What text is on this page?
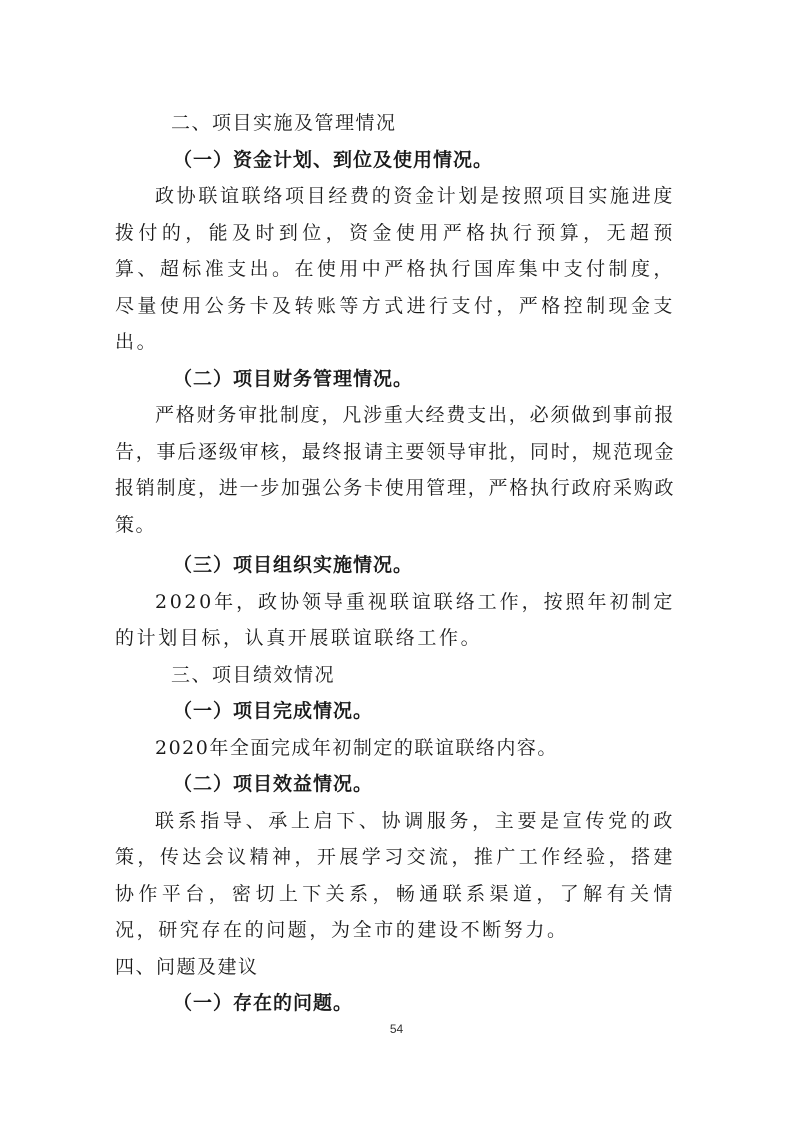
二、项目实施及管理情况
（一）资金计划、到位及使用情况。
政协联谊联络项目经费的资金计划是按照项目实施进度拨付的，能及时到位，资金使用严格执行预算，无超预算、超标准支出。在使用中严格执行国库集中支付制度，尽量使用公务卡及转账等方式进行支付，严格控制现金支出。
（二）项目财务管理情况。
严格财务审批制度，凡涉重大经费支出，必须做到事前报告，事后逐级审核，最终报请主要领导审批，同时，规范现金报销制度，进一步加强公务卡使用管理，严格执行政府采购政策。
（三）项目组织实施情况。
2020年，政协领导重视联谊联络工作，按照年初制定的计划目标，认真开展联谊联络工作。
三、项目绩效情况
（一）项目完成情况。
2020年全面完成年初制定的联谊联络内容。
（二）项目效益情况。
联系指导、承上启下、协调服务，主要是宣传党的政策，传达会议精神，开展学习交流，推广工作经验，搭建协作平台，密切上下关系，畅通联系渠道，了解有关情况，研究存在的问题，为全市的建设不断努力。
四、问题及建议
（一）存在的问题。
54
